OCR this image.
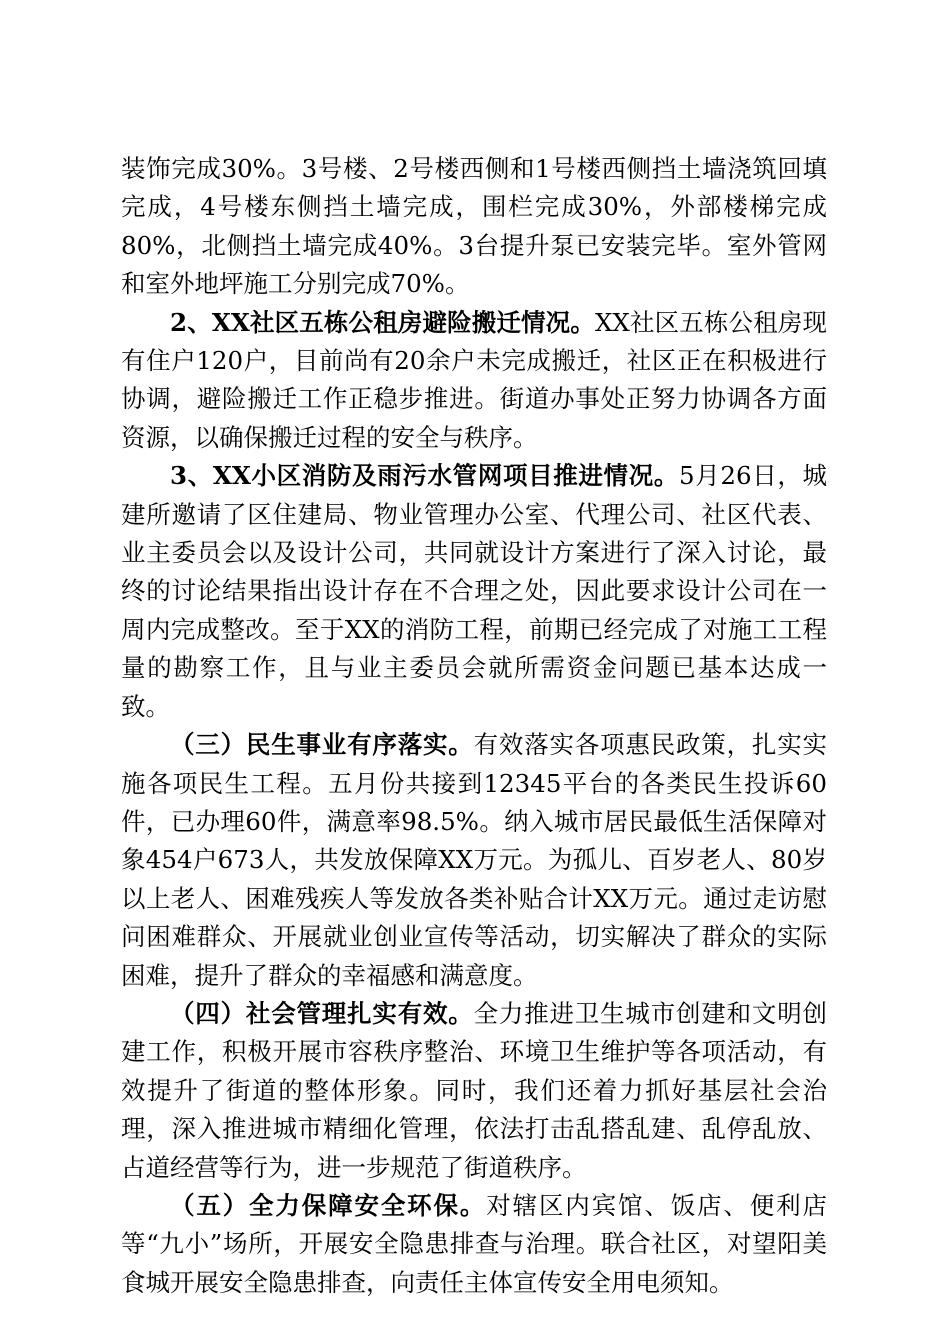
装饰完成30%。3号楼、2号楼西侧和1号楼西侧挡土墙浇筑回填完成，4号楼东侧挡土墙完成，围栏完成30%，外部楼梯完成80%，北侧挡土墙完成40%。3台提升泵已安装完毕。室外管网和室外地坪施工分别完成70%。

2、XX社区五栋公租房避险搬迁情况。XX社区五栋公租房现有住户120户，目前尚有20余户未完成搬迁，社区正在积极进行协调，避险搬迁工作正稳步推进。街道办事处正努力协调各方面资源，以确保搬迁过程的安全与秩序。

3、XX小区消防及雨污水管网项目推进情况。5月26日，城建所邀请了区住建局、物业管理办公室、代理公司、社区代表、业主委员会以及设计公司，共同就设计方案进行了深入讨论，最终的讨论结果指出设计存在不合理之处，因此要求设计公司在一周内完成整改。至于XX的消防工程，前期已经完成了对施工工程量的勘察工作，且与业主委员会就所需资金问题已基本达成一致。

（三）民生事业有序落实。有效落实各项惠民政策，扎实实施各项民生工程。五月份共接到12345平台的各类民生投诉60件，已办理60件，满意率98.5%。纳入城市居民最低生活保障对象454户673人，共发放保障XX万元。为孤儿、百岁老人、80岁以上老人、困难残疾人等发放各类补贴合计XX万元。通过走访慰问困难群众、开展就业创业宣传等活动，切实解决了群众的实际困难，提升了群众的幸福感和满意度。

（四）社会管理扎实有效。全力推进卫生城市创建和文明创建工作，积极开展市容秩序整治、环境卫生维护等各项活动，有效提升了街道的整体形象。同时，我们还着力抓好基层社会治理，深入推进城市精细化管理，依法打击乱搭乱建、乱停乱放、占道经营等行为，进一步规范了街道秩序。

（五）全力保障安全环保。对辖区内宾馆、饭店、便利店等“九小”场所，开展安全隐患排查与治理。联合社区，对望阳美食城开展安全隐患排查，向责任主体宣传安全用电须知。
